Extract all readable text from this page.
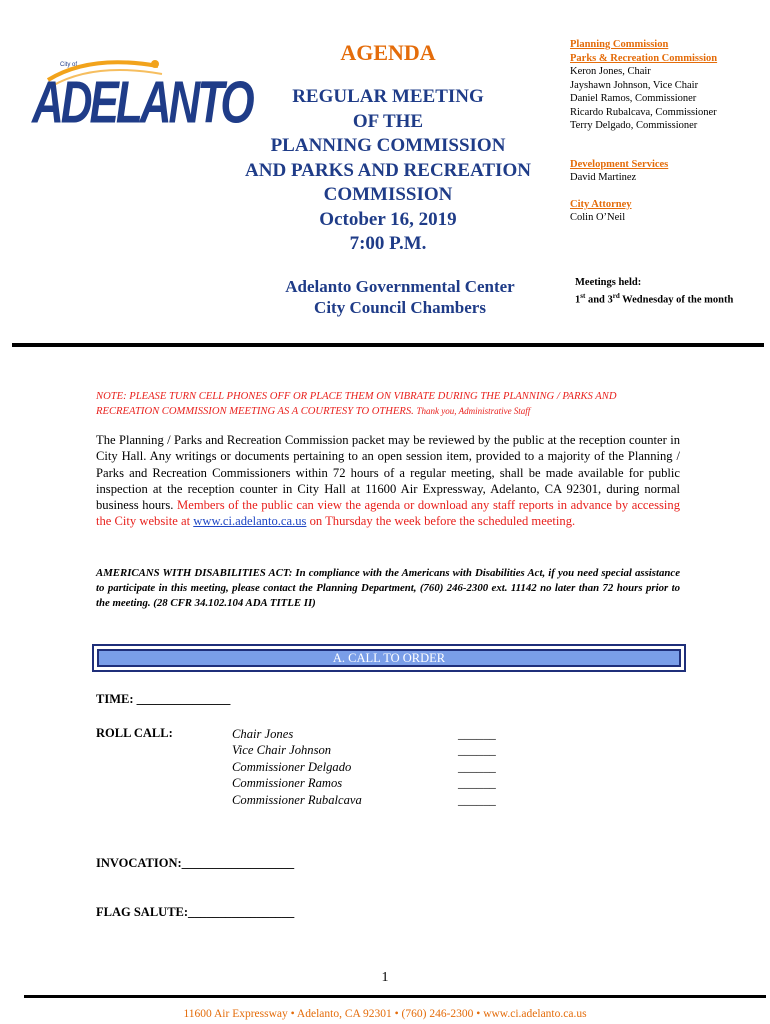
City of
ADELANTO
AGENDA
REGULAR MEETING
OF THE
PLANNING COMMISSION
AND PARKS AND RECREATION
COMMISSION
October 16, 2019
7:00 P.M.
Adelanto Governmental Center
City Council Chambers
Planning Commission
Parks & Recreation Commission
Keron Jones, Chair
Jayshawn Johnson, Vice Chair
Daniel Ramos, Commissioner
Ricardo Rubalcava, Commissioner
Terry Delgado, Commissioner
Development Services
David Martinez
City Attorney
Colin O’Neil
Meetings held:
1st and 3rd Wednesday of the month
NOTE: PLEASE TURN CELL PHONES OFF OR PLACE THEM ON VIBRATE DURING THE PLANNING / PARKS AND RECREATION COMMISSION MEETING AS A COURTESY TO OTHERS. Thank you, Administrative Staff
The Planning / Parks and Recreation Commission packet may be reviewed by the public at the reception counter in City Hall. Any writings or documents pertaining to an open session item, provided to a majority of the Planning / Parks and Recreation Commissioners within 72 hours of a regular meeting, shall be made available for public inspection at the reception counter in City Hall at 11600 Air Expressway, Adelanto, CA 92301, during normal business hours. Members of the public can view the agenda or download any staff reports in advance by accessing the City website at www.ci.adelanto.ca.us on Thursday the week before the scheduled meeting.
AMERICANS WITH DISABILITIES ACT: In compliance with the Americans with Disabilities Act, if you need special assistance to participate in this meeting, please contact the Planning Department, (760) 246-2300 ext. 11142 no later than 72 hours prior to the meeting. (28 CFR 34.102.104 ADA TITLE II)
A. CALL TO ORDER
TIME: _______________
ROLL CALL:	Chair Jones
Vice Chair Johnson
Commissioner Delgado
Commissioner Ramos
Commissioner Rubalcava
______
______
______
______
______
INVOCATION:__________________
FLAG SALUTE:_________________
1
11600 Air Expressway • Adelanto, CA 92301 • (760) 246-2300 • www.ci.adelanto.ca.us
